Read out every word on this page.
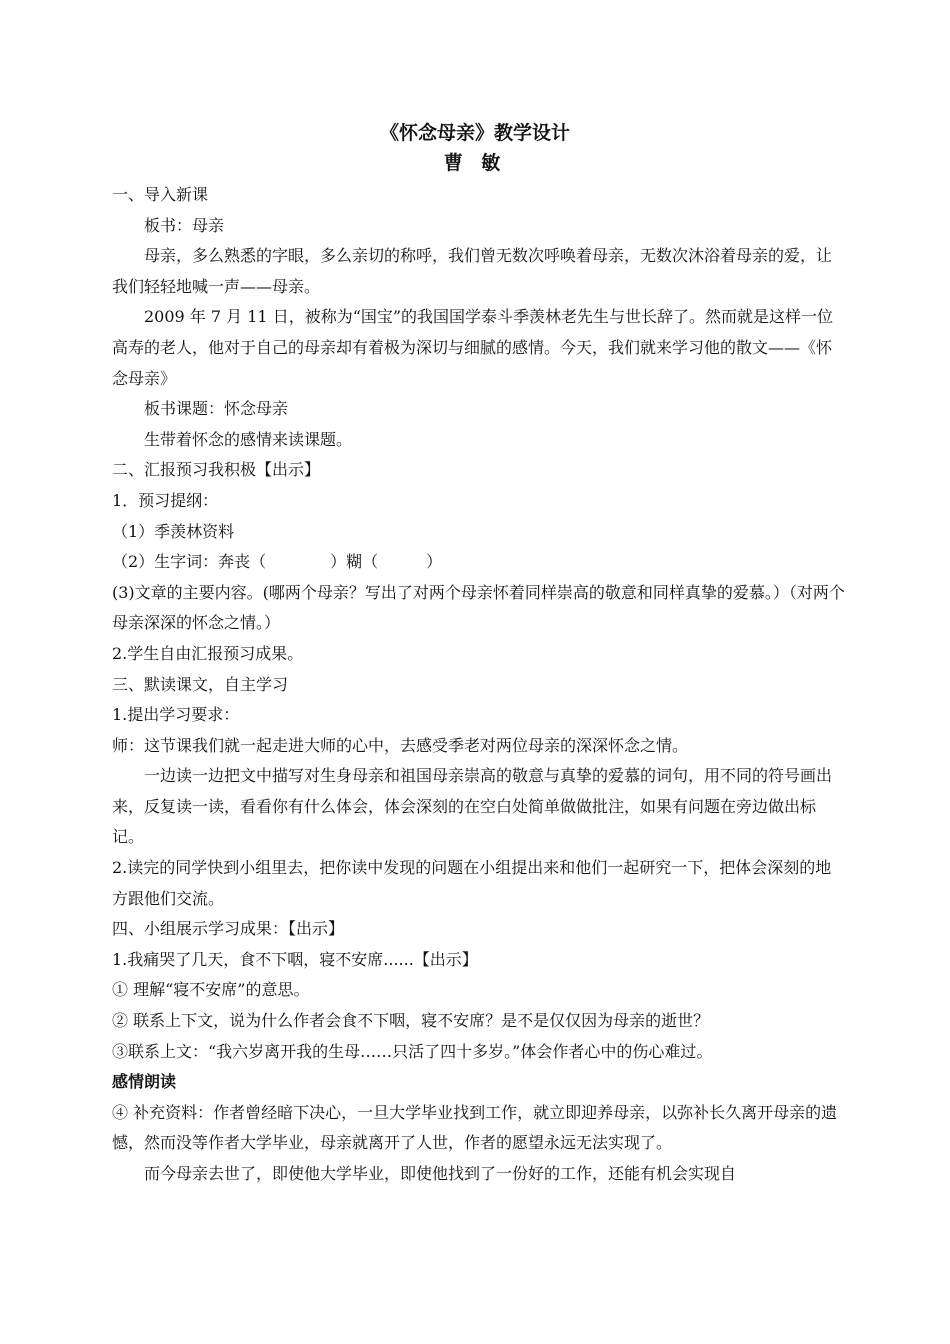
《怀念母亲》教学设计
曹 敏

一、导入新课

板书：母亲

母亲，多么熟悉的字眼，多么亲切的称呼，我们曾无数次呼唤着母亲，无数次沐浴着母亲的爱，让我们轻轻地喊一声——母亲。

2009 年 7 月 11 日，被称为“国宝”的我国国学泰斗季羡林老先生与世长辞了。然而就是这样一位高寿的老人，他对于自己的母亲却有着极为深切与细腻的感情。今天，我们就来学习他的散文——《怀念母亲》

板书课题：怀念母亲

生带着怀念的感情来读课题。

二、汇报预习我积极【出示】

1．预习提纲：

（1）季羡林资料

（2）生字词：奔丧（　　　　）糊（　　　）

(3)文章的主要内容。(哪两个母亲？写出了对两个母亲怀着同样崇高的敬意和同样真挚的爱慕。）（对两个母亲深深的怀念之情。）

2.学生自由汇报预习成果。

三、默读课文，自主学习

1.提出学习要求：

师：这节课我们就一起走进大师的心中，去感受季老对两位母亲的深深怀念之情。

一边读一边把文中描写对生身母亲和祖国母亲崇高的敬意与真挚的爱慕的词句，用不同的符号画出来，反复读一读，看看你有什么体会，体会深刻的在空白处简单做做批注，如果有问题在旁边做出标记。

2.读完的同学快到小组里去，把你读中发现的问题在小组提出来和他们一起研究一下，把体会深刻的地方跟他们交流。

四、小组展示学习成果：【出示】

1.我痛哭了几天，食不下咽，寝不安席......【出示】

① 理解“寝不安席”的意思。

② 联系上下文，说为什么作者会食不下咽，寝不安席？是不是仅仅因为母亲的逝世？

③联系上文：“我六岁离开我的生母……只活了四十多岁。”体会作者心中的伤心难过。

感情朗读

④ 补充资料：作者曾经暗下决心，一旦大学毕业找到工作，就立即迎养母亲，以弥补长久离开母亲的遗憾，然而没等作者大学毕业，母亲就离开了人世，作者的愿望永远无法实现了。

而今母亲去世了，即使他大学毕业，即使他找到了一份好的工作，还能有机会实现自
